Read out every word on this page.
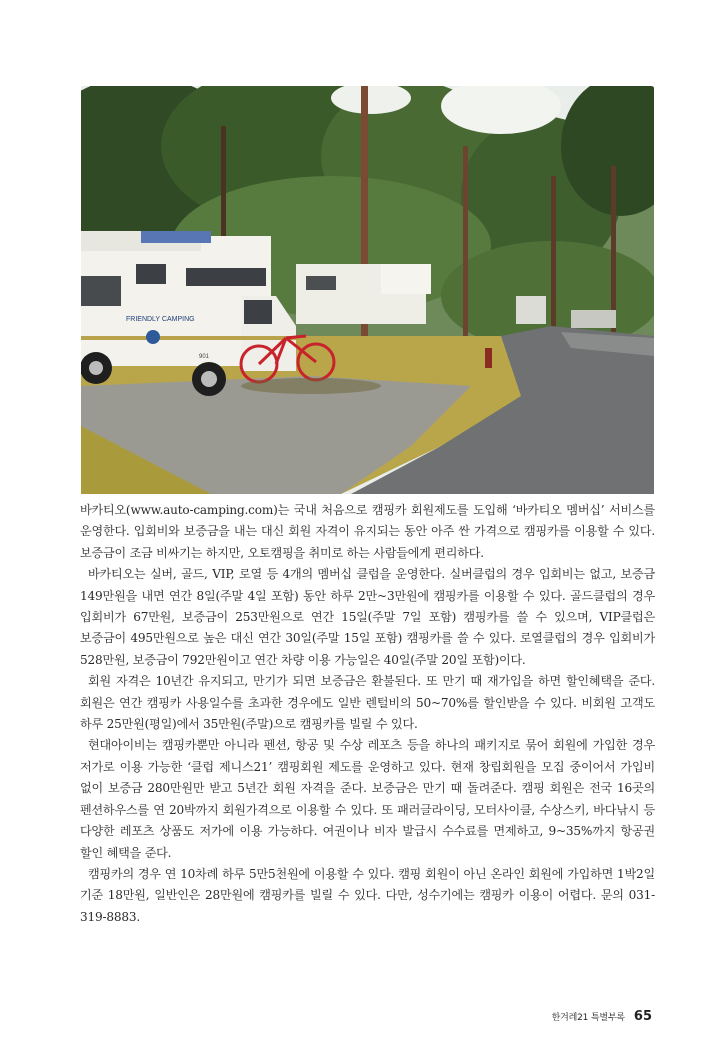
FRIENDLY CAMPING
901

바카티오(www.auto-camping.com)는 국내 처음으로 캠핑카 회원제도를 도입해 ‘바카티오 멤버십’ 서비스를 운영한다. 입회비와 보증금을 내는 대신 회원 자격이 유지되는 동안 아주 싼 가격으로 캠핑카를 이용할 수 있다. 보증금이 조금 비싸기는 하지만, 오토캠핑을 취미로 하는 사람들에게 편리하다.

바카티오는 실버, 골드, VIP, 로열 등 4개의 멤버십 클럽을 운영한다. 실버클럽의 경우 입회비는 없고, 보증금 149만원을 내면 연간 8일(주말 4일 포함) 동안 하루 2만~3만원에 캠핑카를 이용할 수 있다. 골드클럽의 경우 입회비가 67만원, 보증금이 253만원으로 연간 15일(주말 7일 포함) 캠핑카를 쓸 수 있으며, VIP클럽은 보증금이 495만원으로 높은 대신 연간 30일(주말 15일 포함) 캠핑카를 쓸 수 있다. 로열클럽의 경우 입회비가 528만원, 보증금이 792만원이고 연간 차량 이용 가능일은 40일(주말 20일 포함)이다.

회원 자격은 10년간 유지되고, 만기가 되면 보증금은 환불된다. 또 만기 때 재가입을 하면 할인혜택을 준다. 회원은 연간 캠핑카 사용일수를 초과한 경우에도 일반 렌털비의 50~70%를 할인받을 수 있다. 비회원 고객도 하루 25만원(평일)에서 35만원(주말)으로 캠핑카를 빌릴 수 있다.

현대아이비는 캠핑카뿐만 아니라 펜션, 항공 및 수상 레포츠 등을 하나의 패키지로 묶어 회원에 가입한 경우 저가로 이용 가능한 ‘클럽 제니스21’ 캠핑회원 제도를 운영하고 있다. 현재 창립회원을 모집 중이어서 가입비 없이 보증금 280만원만 받고 5년간 회원 자격을 준다. 보증금은 만기 때 돌려준다. 캠핑 회원은 전국 16곳의 펜션하우스를 연 20박까지 회원가격으로 이용할 수 있다. 또 패러글라이딩, 모터사이클, 수상스키, 바다낚시 등 다양한 레포츠 상품도 저가에 이용 가능하다. 여권이나 비자 발급시 수수료를 면제하고, 9~35%까지 항공권 할인 혜택을 준다.

캠핑카의 경우 연 10차례 하루 5만5천원에 이용할 수 있다. 캠핑 회원이 아닌 온라인 회원에 가입하면 1박2일 기준 18만원, 일반인은 28만원에 캠핑카를 빌릴 수 있다. 다만, 성수기에는 캠핑카 이용이 어렵다. 문의 031-319-8883.

한겨레21 특별부록 65
